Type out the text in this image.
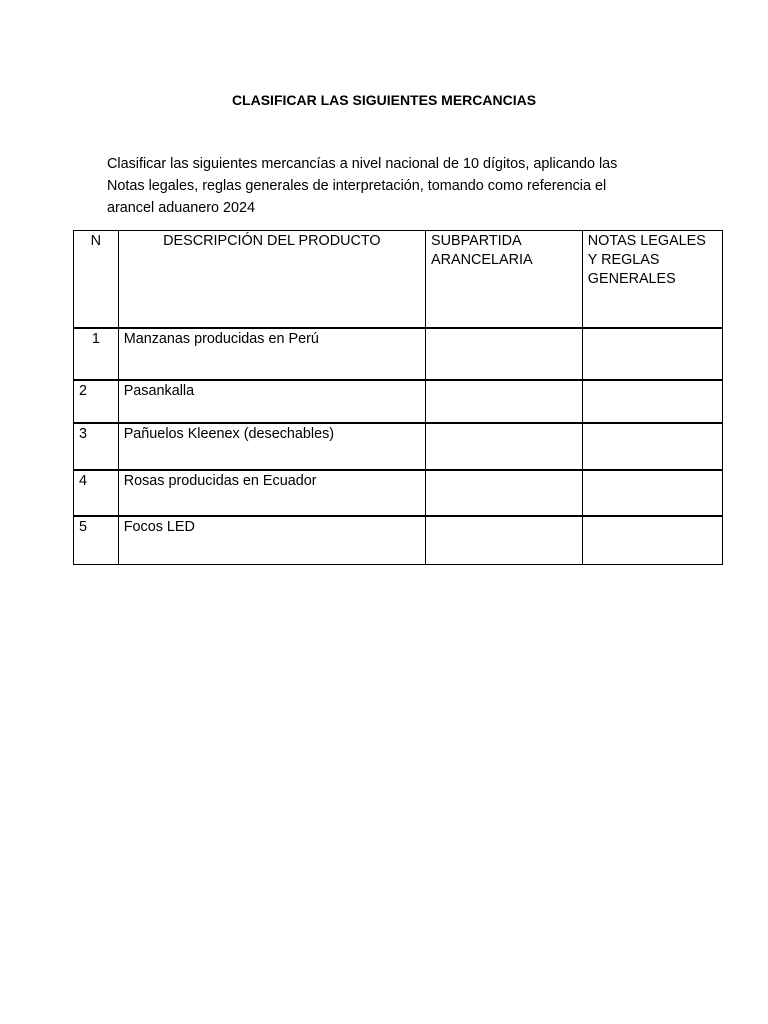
CLASIFICAR LAS SIGUIENTES MERCANCIAS

Clasificar las siguientes mercancías a nivel nacional de 10 dígitos, aplicando las
Notas legales, reglas generales de interpretación, tomando como referencia el
arancel aduanero 2024

N	DESCRIPCIÓN DEL PRODUCTO	SUBPARTIDA ARANCELARIA	NOTAS LEGALES Y REGLAS GENERALES
1	Manzanas producidas en Perú		
2	Pasankalla		
3	Pañuelos Kleenex (desechables)		
4	Rosas producidas en Ecuador		
5	Focos LED		
